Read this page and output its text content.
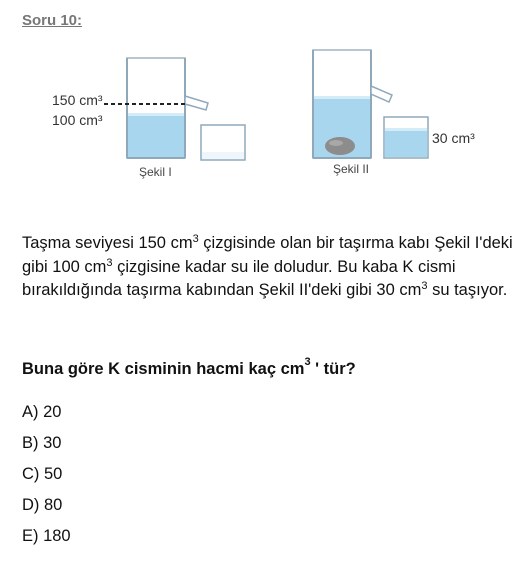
Soru 10:
150 cm³
100 cm³
30 cm³
Şekil I	Şekil II
Taşma seviyesi 150 $cm^3$ çizgisinde olan bir taşırma kabı Şekil I'deki gibi 100 $cm^3$ çizgisine kadar su ile doludur. Bu kaba K cismi bırakıldığında taşırma kabından Şekil II'deki gibi 30 $cm^3$ su taşıyor.
Buna göre K cisminin hacmi kaç $cm^3$ ' tür?
A) 20
B) 30
C) 50
D) 80
E) 180
